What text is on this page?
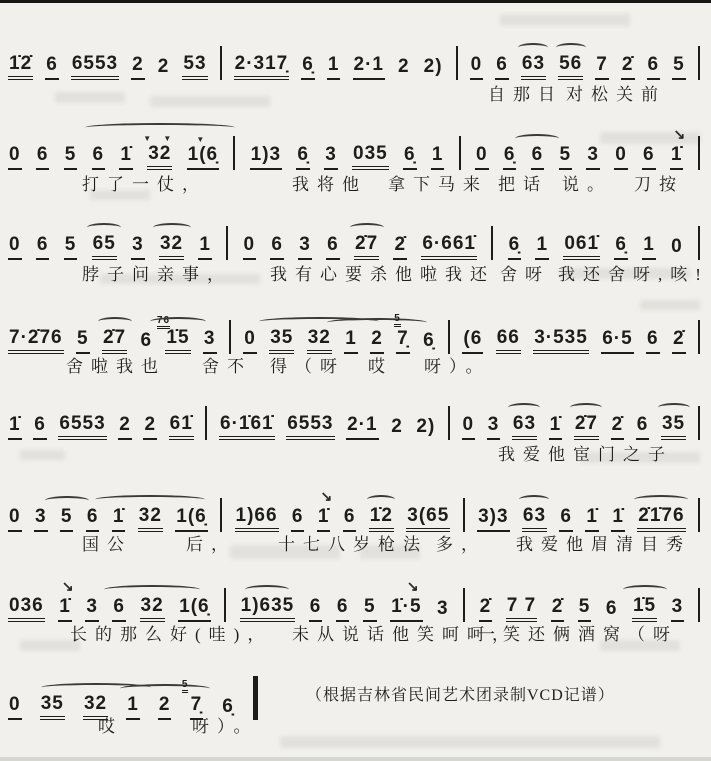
（根据吉林省民间艺术团录制VCD记谱）
1̇2̇ 6 6553 2 2 53 2·317̣ 6̣ 1 2·1 2 2) 0 6 63 56 7 2̇ 6 5
自那日 对松关前
0 6 5 6 1̇ 32
▼ ▼
1(6̣
▼
1)3 6̣ 3 035 6̣ 1 0 6̣ 6 5 3 0 6 1̇
↘
打了一仗，	我将他 拿下马来 把话 说。 刀按
0 6 5 65 3 32 1 0 6 3 6 2̇7 2̇ 6·661̇ 6̣ 1 061̇ 6̣ 1 0
脖子问亲事， 我有心要杀他啦我还 舍呀 我还舍呀,咳!
7·2̇76 5 2̇7 6
76
1̇5 3 0 35 32 1 2
5
7̣ 6̣ (6 66 3·535 6·5 6 2̇
舍啦我也 舍不 得（呀 哎 呀）。
1̇ 6 6553 2 2 61̇ 6·1̇61̇ 6553 2·1 2 2) 0 3 63 1̇ 2̇7 2̇ 6 35
我爱他宦门之子
0 3 5 6 1̇ 32 1(6̣ 1)66 6 1̇
↘
6 1̇2 3(65 3)3 63 6 1̇ 1̇ 2̇1̇76
国公	后， 十七八岁枪法 多， 我爱他眉清目秀
036 1̇
↘
3 6 32 1(6̣ 1)635 6 6 5 1̇·5
↘
3 2̇ 7 7 2̇ 5 6 1̇5 3
长的那么好(哇)， 未从说话他笑呵呵，
一笑还俩酒窝（呀
0 35 32 1 2
5
7̣ 6̣
哎	呀）。
